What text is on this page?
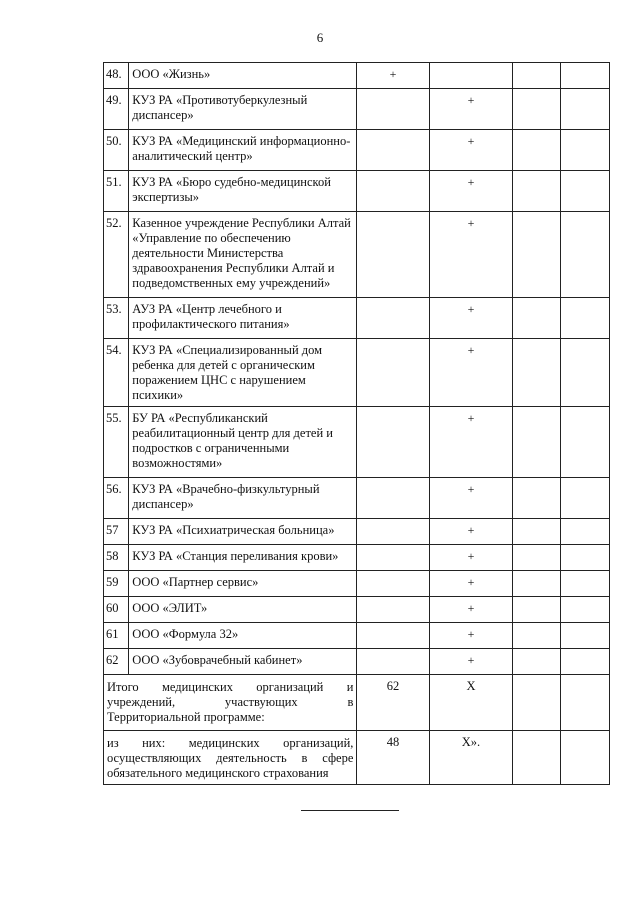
6
48.	ООО «Жизнь»	+			
49.	КУЗ РА «Противотуберкулезный диспансер»		+		
50.	КУЗ РА «Медицинский информационно-аналитический центр»		+		
51.	КУЗ РА «Бюро судебно-медицинской экспертизы»		+		
52.	Казенное учреждение Республики Алтай «Управление по обеспечению деятельности Министерства здравоохранения Республики Алтай и подведомственных ему учреждений»		+		
53.	АУЗ РА «Центр лечебного и профилактического питания»		+		
54.	КУЗ РА «Специализированный дом ребенка для детей с органическим поражением ЦНС с нарушением психики»		+		
55.	БУ РА «Республиканский реабилитационный центр для детей и подростков с ограниченными возможностями»		+		
56.	КУЗ РА «Врачебно-физкультурный диспансер»		+		
57	КУЗ РА «Психиатрическая больница»		+		
58	КУЗ РА «Станция переливания крови»		+		
59	ООО «Партнер сервис»		+		
60	ООО «ЭЛИТ»		+		
61	ООО «Формула 32»		+		
62	ООО «Зубоврачебный кабинет»		+		
Итого медицинских организаций и учреждений, участвующих в Территориальной программе:		62	Х		
из них: медицинских организаций, осуществляющих деятельность в сфере обязательного медицинского страхования		48	Х».		
